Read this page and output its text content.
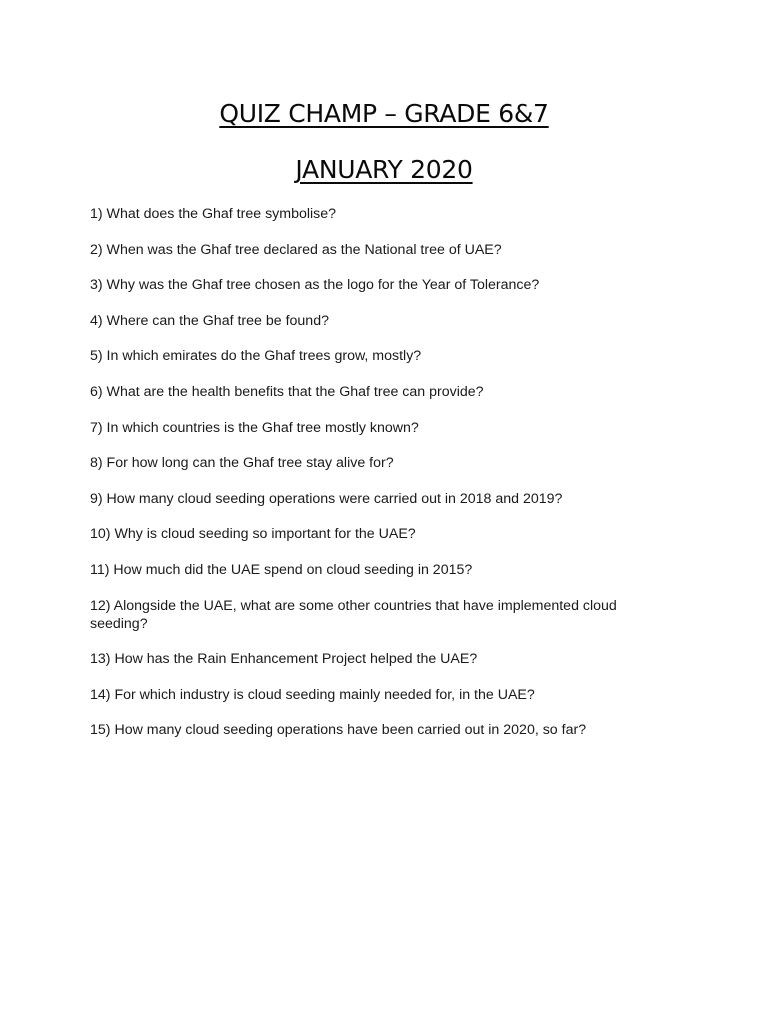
QUIZ CHAMP – GRADE 6&7
JANUARY 2020
1) What does the Ghaf tree symbolise?
2) When was the Ghaf tree declared as the National tree of UAE?
3) Why was the Ghaf tree chosen as the logo for the Year of Tolerance?
4) Where can the Ghaf tree be found?
5) In which emirates do the Ghaf trees grow, mostly?
6) What are the health benefits that the Ghaf tree can provide?
7) In which countries is the Ghaf tree mostly known?
8) For how long can the Ghaf tree stay alive for?
9) How many cloud seeding operations were carried out in 2018 and 2019?
10) Why is cloud seeding so important for the UAE?
11) How much did the UAE spend on cloud seeding in 2015?
12) Alongside the UAE, what are some other countries that have implemented cloud seeding?
13) How has the Rain Enhancement Project helped the UAE?
14) For which industry is cloud seeding mainly needed for, in the UAE?
15) How many cloud seeding operations have been carried out in 2020, so far?
